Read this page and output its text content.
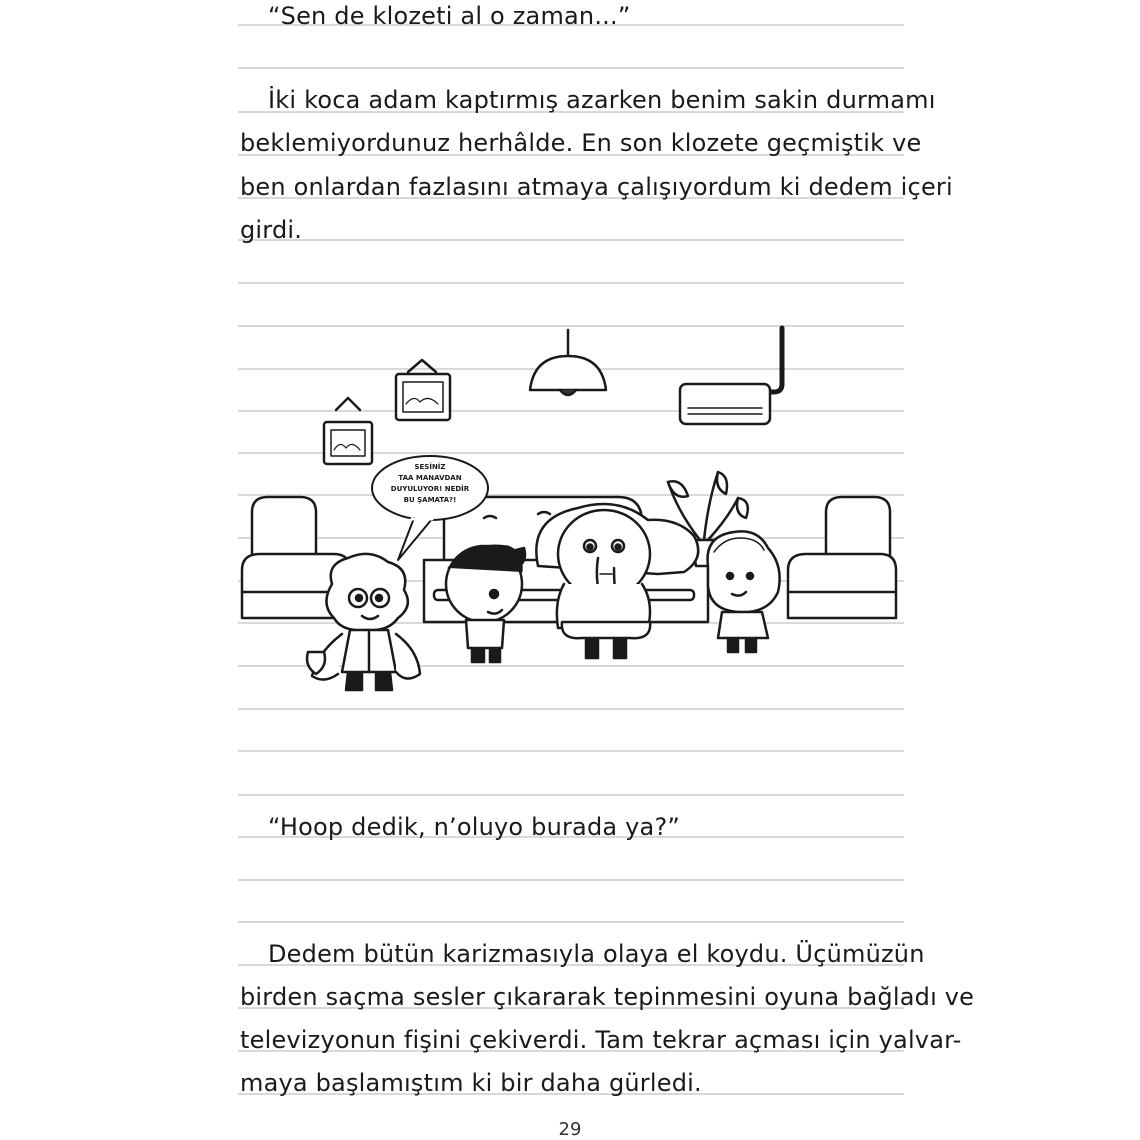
“Sen de klozeti al o zaman...”
İki koca adam kaptırmış azarken benim sakin durmamı
beklemiyordunuz herhâlde. En son klozete geçmiştik ve
ben onlardan fazlasını atmaya çalışıyordum ki dedem içeri
girdi.
“Hoop dedik, n’oluyo burada ya?”
Dedem bütün karizmasıyla olaya el koydu. Üçümüzün
birden saçma sesler çıkararak tepinmesini oyuna bağladı ve
televizyonun fişini çekiverdi. Tam tekrar açması için yalvar-
maya başlamıştım ki bir daha gürledi.
SESİNİZ
TAA MANAVDAN
DUYULUYOR! NEDİR
BU ŞAMATA?!
29
